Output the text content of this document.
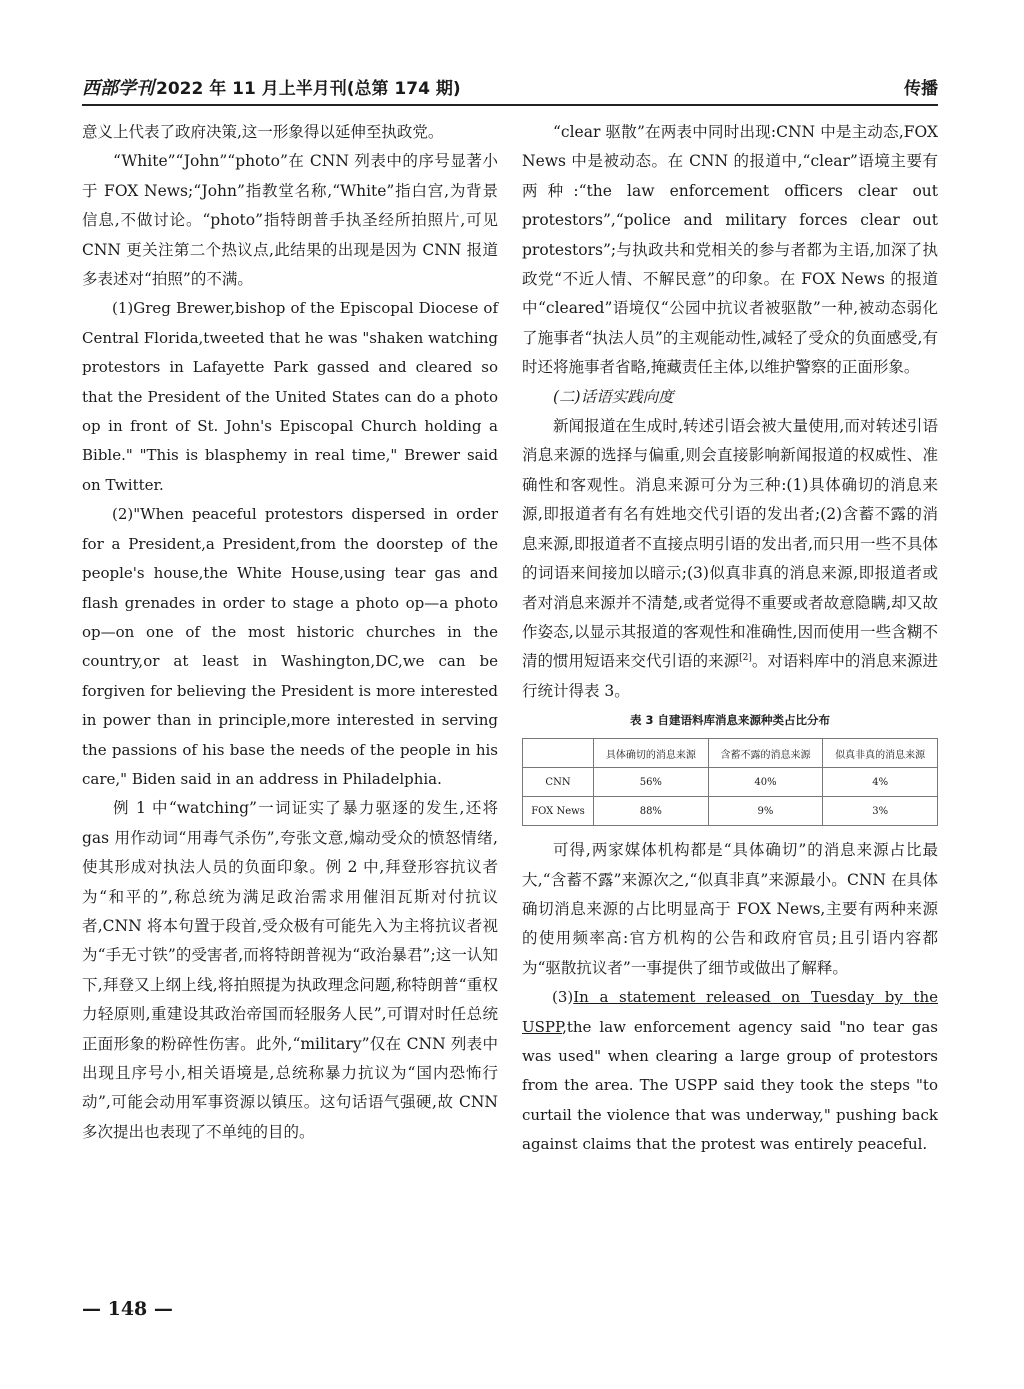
西部学刊 2022 年 11 月上半月刊(总第 174 期)	传播

意义上代表了政府决策,这一形象得以延伸至执政党。

“White”“John”“photo”在 CNN 列表中的序号显著小于 FOX News;“John”指教堂名称,“White”指白宫,为背景信息,不做讨论。“photo”指特朗普手执圣经所拍照片,可见 CNN 更关注第二个热议点,此结果的出现是因为 CNN 报道多表述对“拍照”的不满。

(1)Greg Brewer,bishop of the Episcopal Diocese of Central Florida,tweeted that he was "shaken watching protestors in Lafayette Park gassed and cleared so that the President of the United States can do a photo op in front of St. John's Episcopal Church holding a Bible." "This is blasphemy in real time," Brewer said on Twitter.

(2)"When peaceful protestors dispersed in order for a President,a President,from the doorstep of the people's house,the White House,using tear gas and flash grenades in order to stage a photo op—a photo op—on one of the most historic churches in the country,or at least in Washington,DC,we can be forgiven for believing the President is more interested in power than in principle,more interested in serving the passions of his base the needs of the people in his care," Biden said in an address in Philadelphia.

例 1 中“watching”一词证实了暴力驱逐的发生,还将 gas 用作动词“用毒气杀伤”,夸张文意,煽动受众的愤怒情绪,使其形成对执法人员的负面印象。例 2 中,拜登形容抗议者为“和平的”,称总统为满足政治需求用催泪瓦斯对付抗议者,CNN 将本句置于段首,受众极有可能先入为主将抗议者视为“手无寸铁”的受害者,而将特朗普视为“政治暴君”;这一认知下,拜登又上纲上线,将拍照提为执政理念问题,称特朗普“重权力轻原则,重建设其政治帝国而轻服务人民”,可谓对时任总统正面形象的粉碎性伤害。此外,“military”仅在 CNN 列表中出现且序号小,相关语境是,总统称暴力抗议为“国内恐怖行动”,可能会动用军事资源以镇压。这句话语气强硬,故 CNN 多次提出也表现了不单纯的目的。

“clear 驱散”在两表中同时出现:CNN 中是主动态,FOX News 中是被动态。在 CNN 的报道中,“clear”语境主要有两种:“the law enforcement officers clear out protestors”,“police and military forces clear out protestors”;与执政共和党相关的参与者都为主语,加深了执政党“不近人情、不解民意”的印象。在 FOX News 的报道中“cleared”语境仅“公园中抗议者被驱散”一种,被动态弱化了施事者“执法人员”的主观能动性,减轻了受众的负面感受,有时还将施事者省略,掩藏责任主体,以维护警察的正面形象。

(二)话语实践向度

新闻报道在生成时,转述引语会被大量使用,而对转述引语消息来源的选择与偏重,则会直接影响新闻报道的权威性、准确性和客观性。消息来源可分为三种:(1)具体确切的消息来源,即报道者有名有姓地交代引语的发出者;(2)含蓄不露的消息来源,即报道者不直接点明引语的发出者,而只用一些不具体的词语来间接加以暗示;(3)似真非真的消息来源,即报道者或者对消息来源并不清楚,或者觉得不重要或者故意隐瞒,却又故作姿态,以显示其报道的客观性和准确性,因而使用一些含糊不清的惯用短语来交代引语的来源[2]。对语料库中的消息来源进行统计得表 3。

表 3 自建语料库消息来源种类占比分布
	具体确切的消息来源	含蓄不露的消息来源	似真非真的消息来源
CNN	56%	40%	4%
FOX News	88%	9%	3%

可得,两家媒体机构都是“具体确切”的消息来源占比最大,“含蓄不露”来源次之,“似真非真”来源最小。CNN 在具体确切消息来源的占比明显高于 FOX News,主要有两种来源的使用频率高:官方机构的公告和政府官员;且引语内容都为“驱散抗议者”一事提供了细节或做出了解释。

(3)In a statement released on Tuesday by the USPP,the law enforcement agency said "no tear gas was used" when clearing a large group of protestors from the area. The USPP said they took the steps "to curtail the violence that was underway," pushing back against claims that the protest was entirely peaceful.

— 148 —
